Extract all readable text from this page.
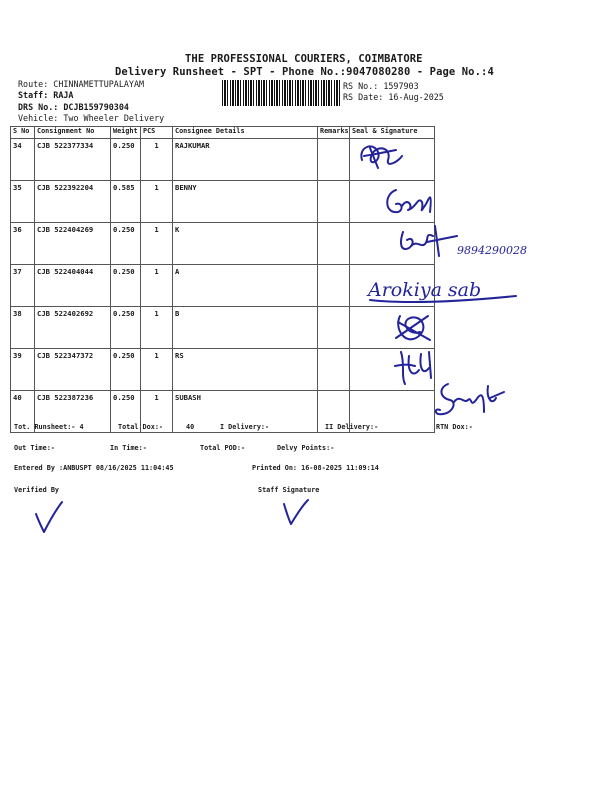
THE PROFESSIONAL COURIERS, COIMBATORE
Delivery Runsheet - SPT - Phone No.:9047080280 - Page No.:4
Route: CHINNAMETTUPALAYAM
Staff: RAJA
DRS No.: DCJB159790304
Vehicle: Two Wheeler Delivery
RS No.: 1597903
RS Date: 16-Aug-2025
S No	Consignment No	Weight	PCS	Consignee Details	Remarks	Seal & Signature
34	CJB 522377334	0.250	1	RAJKUMAR		
35	CJB 522392204	0.585	1	BENNY		
36	CJB 522404269	0.250	1	K		
37	CJB 522404044	0.250	1	A		
38	CJB 522402692	0.250	1	B		
39	CJB 522347372	0.250	1	RS		
40	CJB 522387236	0.250	1	SUBASH		
9894290028
Arokiya sab
Tot. Runsheet:- 4	Total Dox:-	40	I Delivery:-	II Delivery:-	RTN Dox:-
Out Time:-	In Time:-	Total POD:-	Delvy Points:-
Entered By :ANBUSPT 08/16/2025 11:04:45	Printed On: 16-08-2025 11:09:14
Verified By	Staff Signature
